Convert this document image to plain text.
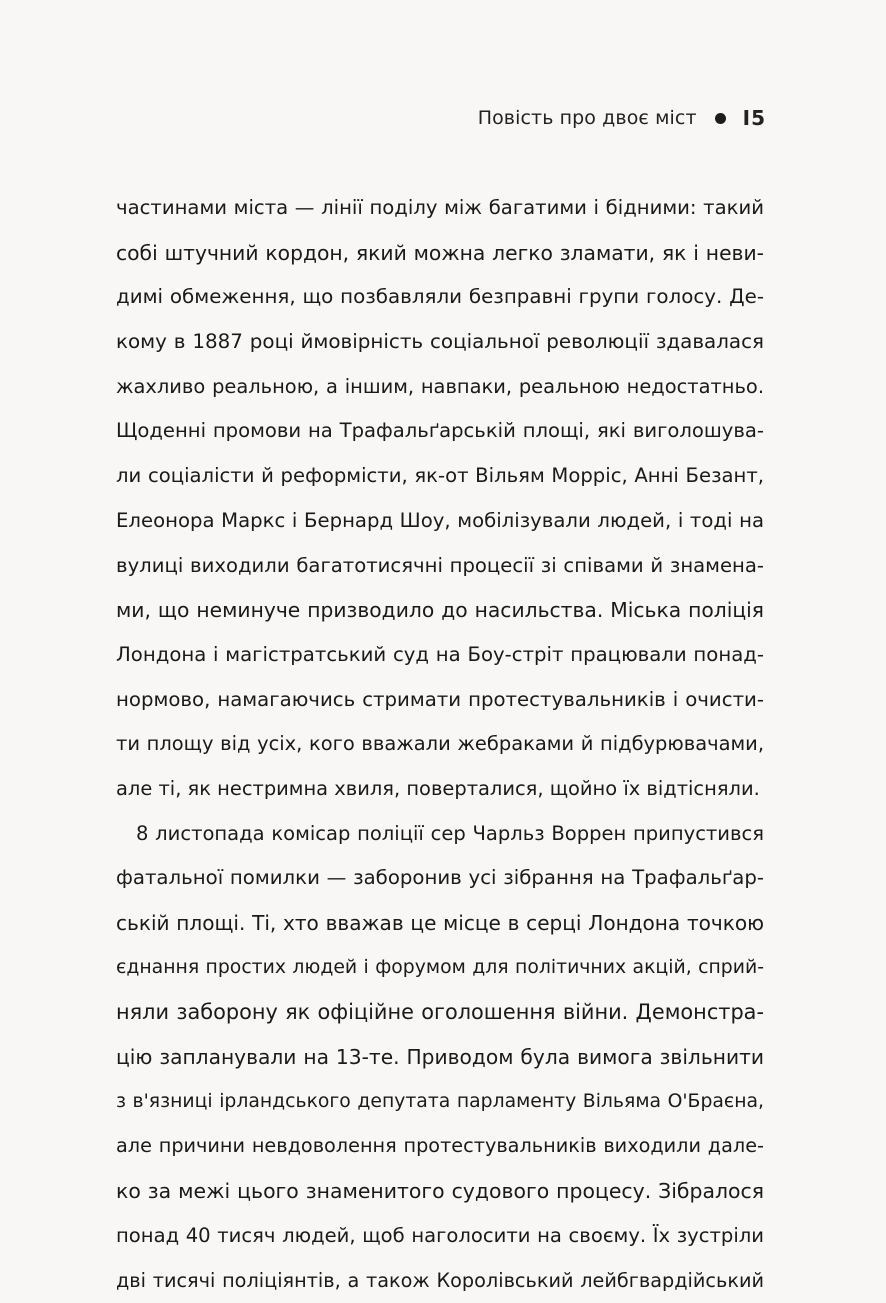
Повість про двоє міст I5
частинами міста — лінії поділу між багатими і бідними: такий
собі штучний кордон, який можна легко зламати, як і неви-
димі обмеження, що позбавляли безправні групи голосу. Де-
кому в 1887 році ймовірність соціальної революції здавалася
жахливо реальною, а іншим, навпаки, реальною недостатньо.
Щоденні промови на Трафальґарській площі, які виголошува-
ли соціалісти й реформісти, як-от Вільям Морріс, Анні Безант,
Елеонора Маркс і Бернард Шоу, мобілізували людей, і тоді на
вулиці виходили багатотисячні процесії зі співами й знамена-
ми, що неминуче призводило до насильства. Міська поліція
Лондона і магістратський суд на Боу-стріт працювали понад-
нормово, намагаючись стримати протестувальників і очисти-
ти площу від усіх, кого вважали жебраками й підбурювачами,
але ті, як нестримна хвиля, поверталися, щойно їх відтісняли.
8 листопада комісар поліції сер Чарльз Воррен припустився
фатальної помилки — заборонив усі зібрання на Трафальґар-
ській площі. Ті, хто вважав це місце в серці Лондона точкою
єднання простих людей і форумом для політичних акцій, сприй-
няли заборону як офіційне оголошення війни. Демонстра-
цію запланували на 13-те. Приводом була вимога звільнити
з в'язниці ірландського депутата парламенту Вільяма О'Браєна,
але причини невдоволення протестувальників виходили дале-
ко за межі цього знаменитого судового процесу. Зібралося
понад 40 тисяч людей, щоб наголосити на своєму. Їх зустріли
дві тисячі поліціянтів, а також Королівський лейбгвардійський
